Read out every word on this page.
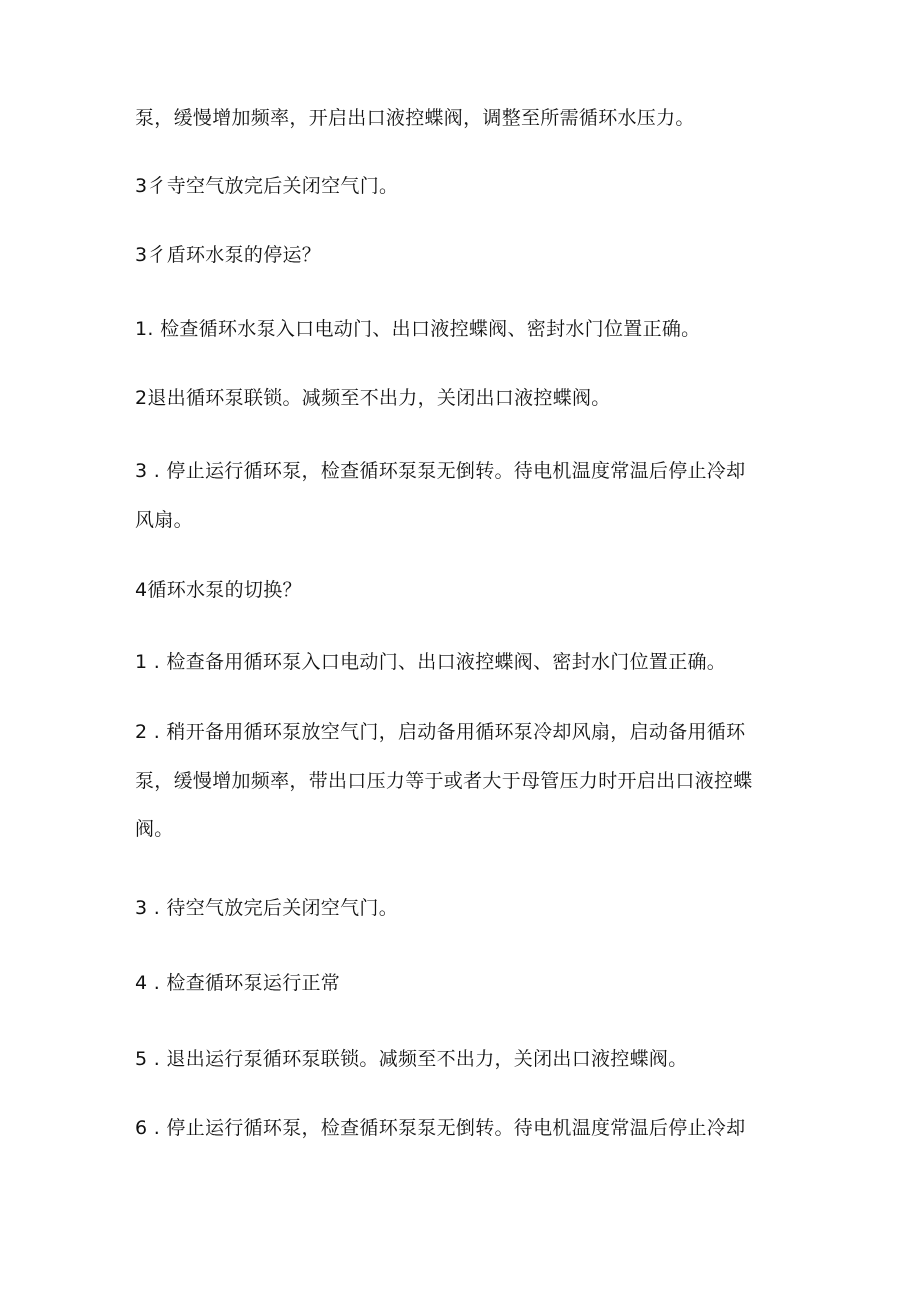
泵，缓慢增加频率，开启出口液控蝶阀，调整至所需循环水压力。
3彳寺空气放完后关闭空气门。
3彳盾环水泵的停运？
1. 检查循环水泵入口电动门、出口液控蝶阀、密封水门位置正确。
2退出循环泵联锁。减频至不出力，关闭出口液控蝶阀。
3 . 停止运行循环泵，检查循环泵泵无倒转。待电机温度常温后停止冷却
风扇。
4循环水泵的切换？
1 . 检查备用循环泵入口电动门、出口液控蝶阀、密封水门位置正确。
2 . 稍开备用循环泵放空气门，启动备用循环泵冷却风扇，启动备用循环
泵，缓慢增加频率，带出口压力等于或者大于母管压力时开启出口液控蝶
阀。
3 . 待空气放完后关闭空气门。
4 . 检查循环泵运行正常
5 . 退出运行泵循环泵联锁。减频至不出力，关闭出口液控蝶阀。
6 . 停止运行循环泵，检查循环泵泵无倒转。待电机温度常温后停止冷却
